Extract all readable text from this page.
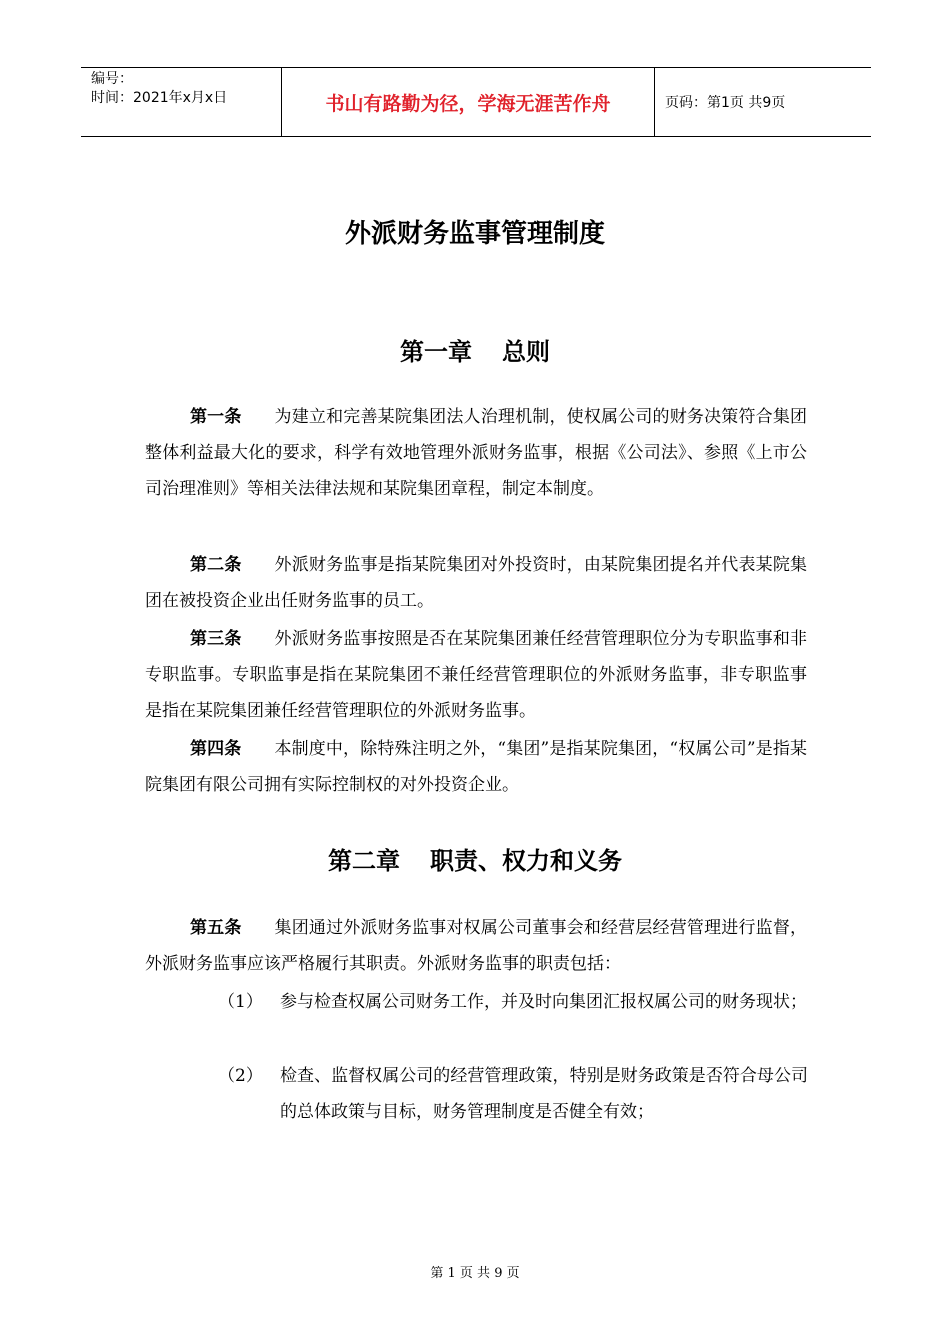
编号：
时间：2021年x月x日	书山有路勤为径，学海无涯苦作舟	页码：第1页 共9页
外派财务监事管理制度
第一章 总则
第一条 为建立和完善某院集团法人治理机制，使权属公司的财务决策符合集团整体利益最大化的要求，科学有效地管理外派财务监事，根据《公司法》、参照《上市公司治理准则》等相关法律法规和某院集团章程，制定本制度。
第二条 外派财务监事是指某院集团对外投资时，由某院集团提名并代表某院集团在被投资企业出任财务监事的员工。
第三条 外派财务监事按照是否在某院集团兼任经营管理职位分为专职监事和非专职监事。专职监事是指在某院集团不兼任经营管理职位的外派财务监事，非专职监事是指在某院集团兼任经营管理职位的外派财务监事。
第四条 本制度中，除特殊注明之外，“集团”是指某院集团，“权属公司”是指某院集团有限公司拥有实际控制权的对外投资企业。
第二章 职责、权力和义务
第五条 集团通过外派财务监事对权属公司董事会和经营层经营管理进行监督，外派财务监事应该严格履行其职责。外派财务监事的职责包括：
（1）	参与检查权属公司财务工作，并及时向集团汇报权属公司的财务现状；
（2）	检查、监督权属公司的经营管理政策，特别是财务政策是否符合母公司的总体政策与目标，财务管理制度是否健全有效；
第 1 页 共 9 页
